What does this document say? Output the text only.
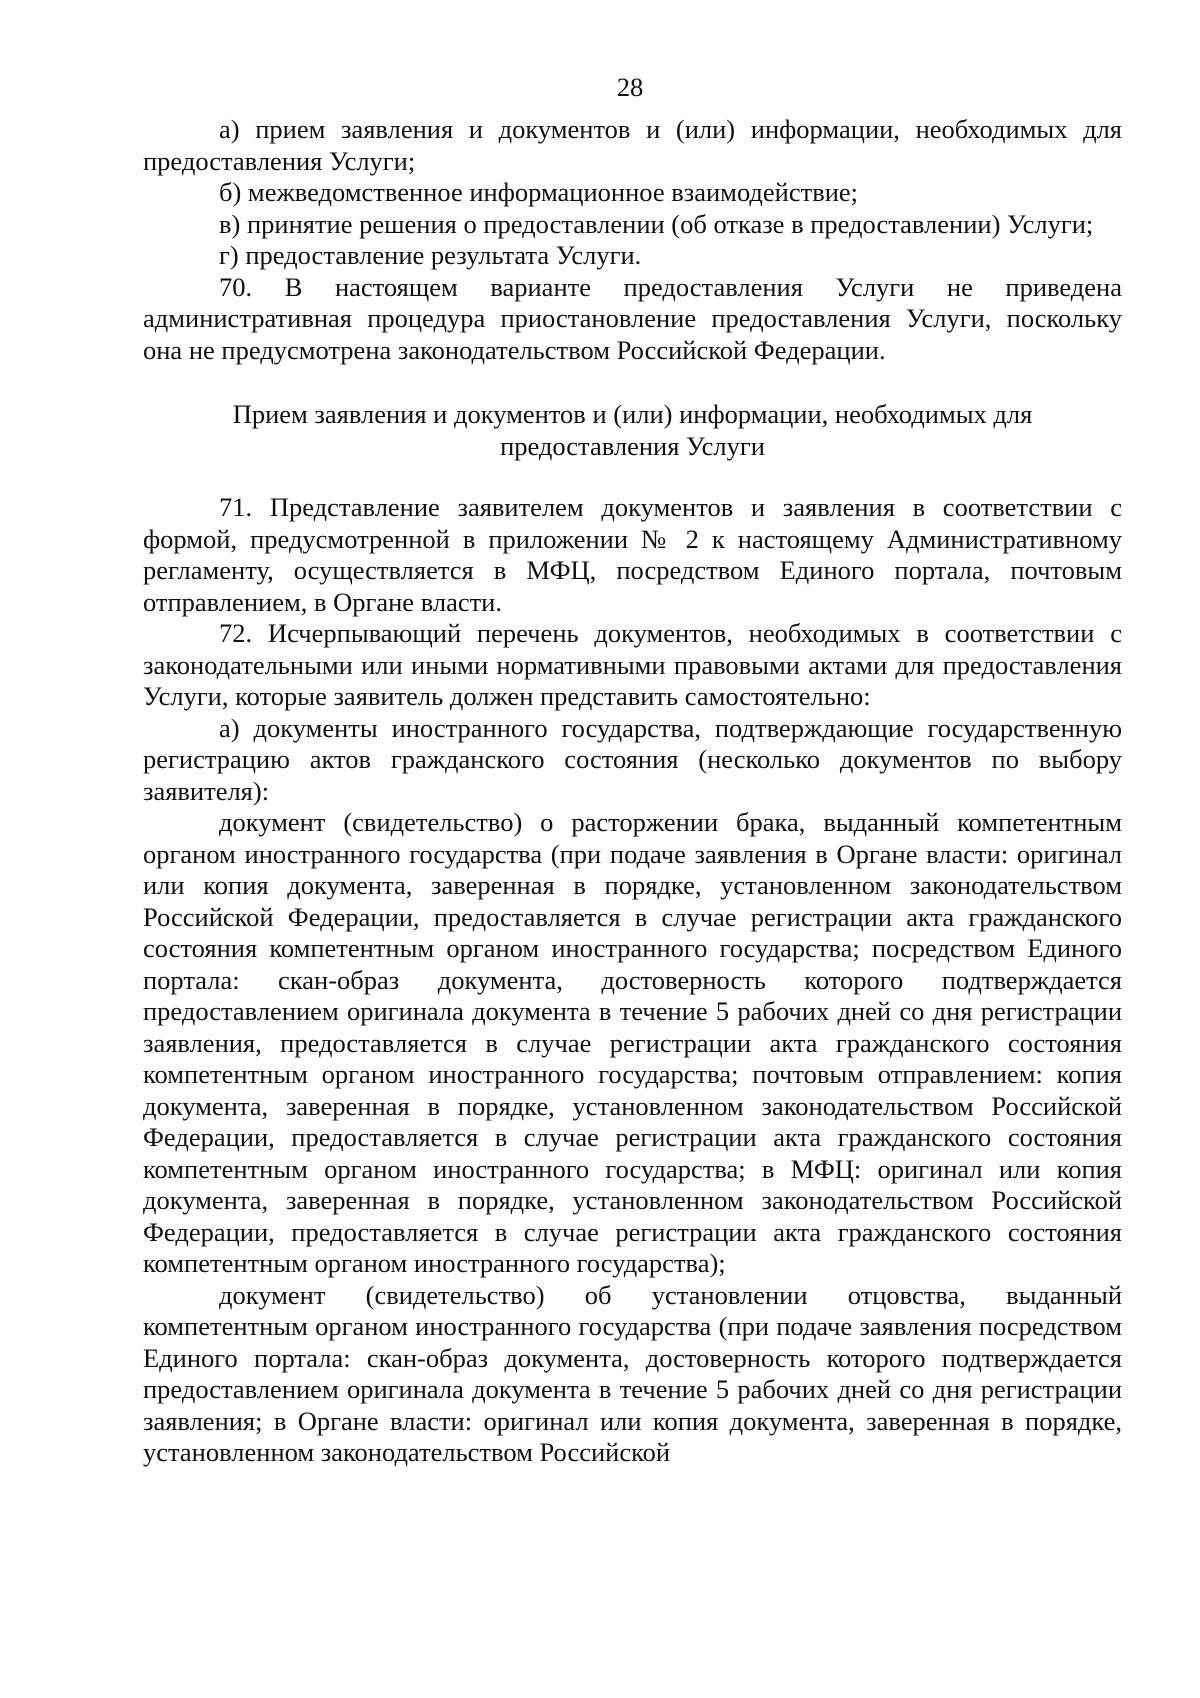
28

а) прием заявления и документов и (или) информации, необходимых для предоставления Услуги;

б) межведомственное информационное взаимодействие;

в) принятие решения о предоставлении (об отказе в предоставлении) Услуги;

г) предоставление результата Услуги.

70. В настоящем варианте предоставления Услуги не приведена административная процедура приостановление предоставления Услуги, поскольку она не предусмотрена законодательством Российской Федерации.

Прием заявления и документов и (или) информации, необходимых для
предоставления Услуги

71. Представление заявителем документов и заявления в соответствии с формой, предусмотренной в приложении № 2 к настоящему Административному регламенту, осуществляется в МФЦ, посредством Единого портала, почтовым отправлением, в Органе власти.

72. Исчерпывающий перечень документов, необходимых в соответствии с законодательными или иными нормативными правовыми актами для предоставления Услуги, которые заявитель должен представить самостоятельно:

а) документы иностранного государства, подтверждающие государственную регистрацию актов гражданского состояния (несколько документов по выбору заявителя):

документ (свидетельство) о расторжении брака, выданный компетентным органом иностранного государства (при подаче заявления в Органе власти: оригинал или копия документа, заверенная в порядке, установленном законодательством Российской Федерации, предоставляется в случае регистрации акта гражданского состояния компетентным органом иностранного государства; посредством Единого портала: скан-образ документа, достоверность которого подтверждается предоставлением оригинала документа в течение 5 рабочих дней со дня регистрации заявления, предоставляется в случае регистрации акта гражданского состояния компетентным органом иностранного государства; почтовым отправлением: копия документа, заверенная в порядке, установленном законодательством Российской Федерации, предоставляется в случае регистрации акта гражданского состояния компетентным органом иностранного государства; в МФЦ: оригинал или копия документа, заверенная в порядке, установленном законодательством Российской Федерации, предоставляется в случае регистрации акта гражданского состояния компетентным органом иностранного государства);

документ (свидетельство) об установлении отцовства, выданный компетентным органом иностранного государства (при подаче заявления посредством Единого портала: скан-образ документа, достоверность которого подтверждается предоставлением оригинала документа в течение 5 рабочих дней со дня регистрации заявления; в Органе власти: оригинал или копия документа, заверенная в порядке, установленном законодательством Российской
